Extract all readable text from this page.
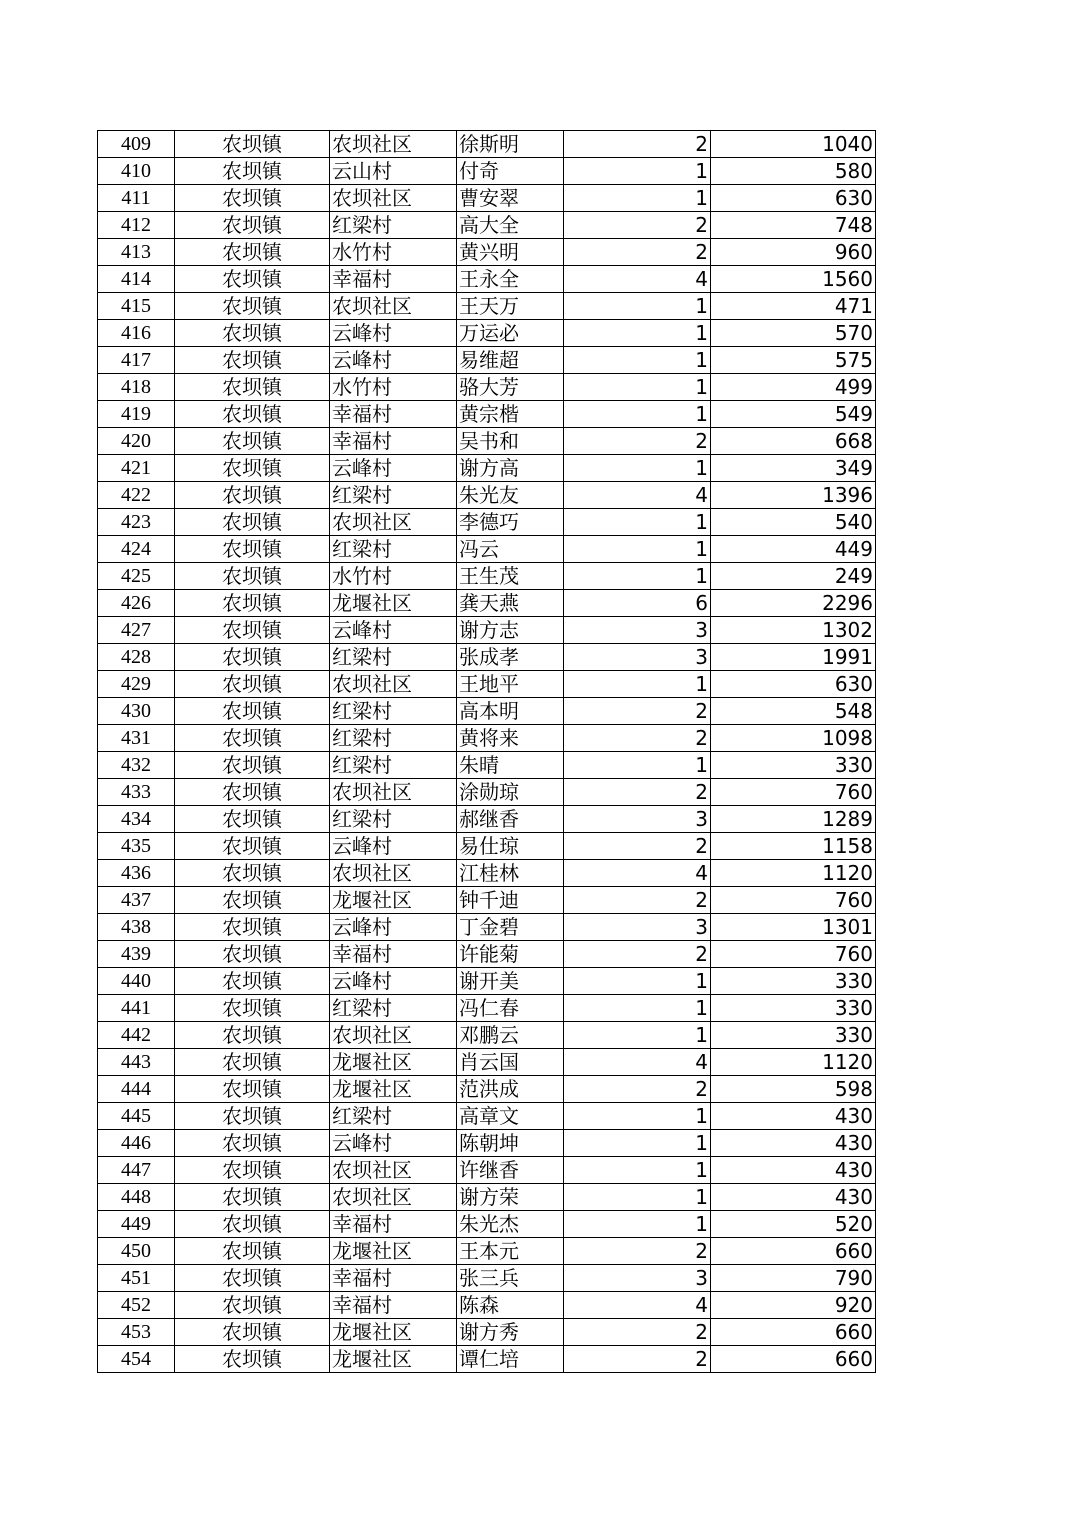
409	农坝镇	农坝社区	徐斯明	2	1040
410	农坝镇	云山村	付奇	1	580
411	农坝镇	农坝社区	曹安翠	1	630
412	农坝镇	红梁村	高大全	2	748
413	农坝镇	水竹村	黄兴明	2	960
414	农坝镇	幸福村	王永全	4	1560
415	农坝镇	农坝社区	王天万	1	471
416	农坝镇	云峰村	万运必	1	570
417	农坝镇	云峰村	易维超	1	575
418	农坝镇	水竹村	骆大芳	1	499
419	农坝镇	幸福村	黄宗楷	1	549
420	农坝镇	幸福村	吴书和	2	668
421	农坝镇	云峰村	谢方高	1	349
422	农坝镇	红梁村	朱光友	4	1396
423	农坝镇	农坝社区	李德巧	1	540
424	农坝镇	红梁村	冯云	1	449
425	农坝镇	水竹村	王生茂	1	249
426	农坝镇	龙堰社区	龚天燕	6	2296
427	农坝镇	云峰村	谢方志	3	1302
428	农坝镇	红梁村	张成孝	3	1991
429	农坝镇	农坝社区	王地平	1	630
430	农坝镇	红梁村	高本明	2	548
431	农坝镇	红梁村	黄将来	2	1098
432	农坝镇	红梁村	朱晴	1	330
433	农坝镇	农坝社区	涂勋琼	2	760
434	农坝镇	红梁村	郝继香	3	1289
435	农坝镇	云峰村	易仕琼	2	1158
436	农坝镇	农坝社区	江桂林	4	1120
437	农坝镇	龙堰社区	钟千迪	2	760
438	农坝镇	云峰村	丁金碧	3	1301
439	农坝镇	幸福村	许能菊	2	760
440	农坝镇	云峰村	谢开美	1	330
441	农坝镇	红梁村	冯仁春	1	330
442	农坝镇	农坝社区	邓鹏云	1	330
443	农坝镇	龙堰社区	肖云国	4	1120
444	农坝镇	龙堰社区	范洪成	2	598
445	农坝镇	红梁村	高章文	1	430
446	农坝镇	云峰村	陈朝坤	1	430
447	农坝镇	农坝社区	许继香	1	430
448	农坝镇	农坝社区	谢方荣	1	430
449	农坝镇	幸福村	朱光杰	1	520
450	农坝镇	龙堰社区	王本元	2	660
451	农坝镇	幸福村	张三兵	3	790
452	农坝镇	幸福村	陈森	4	920
453	农坝镇	龙堰社区	谢方秀	2	660
454	农坝镇	龙堰社区	谭仁培	2	660
